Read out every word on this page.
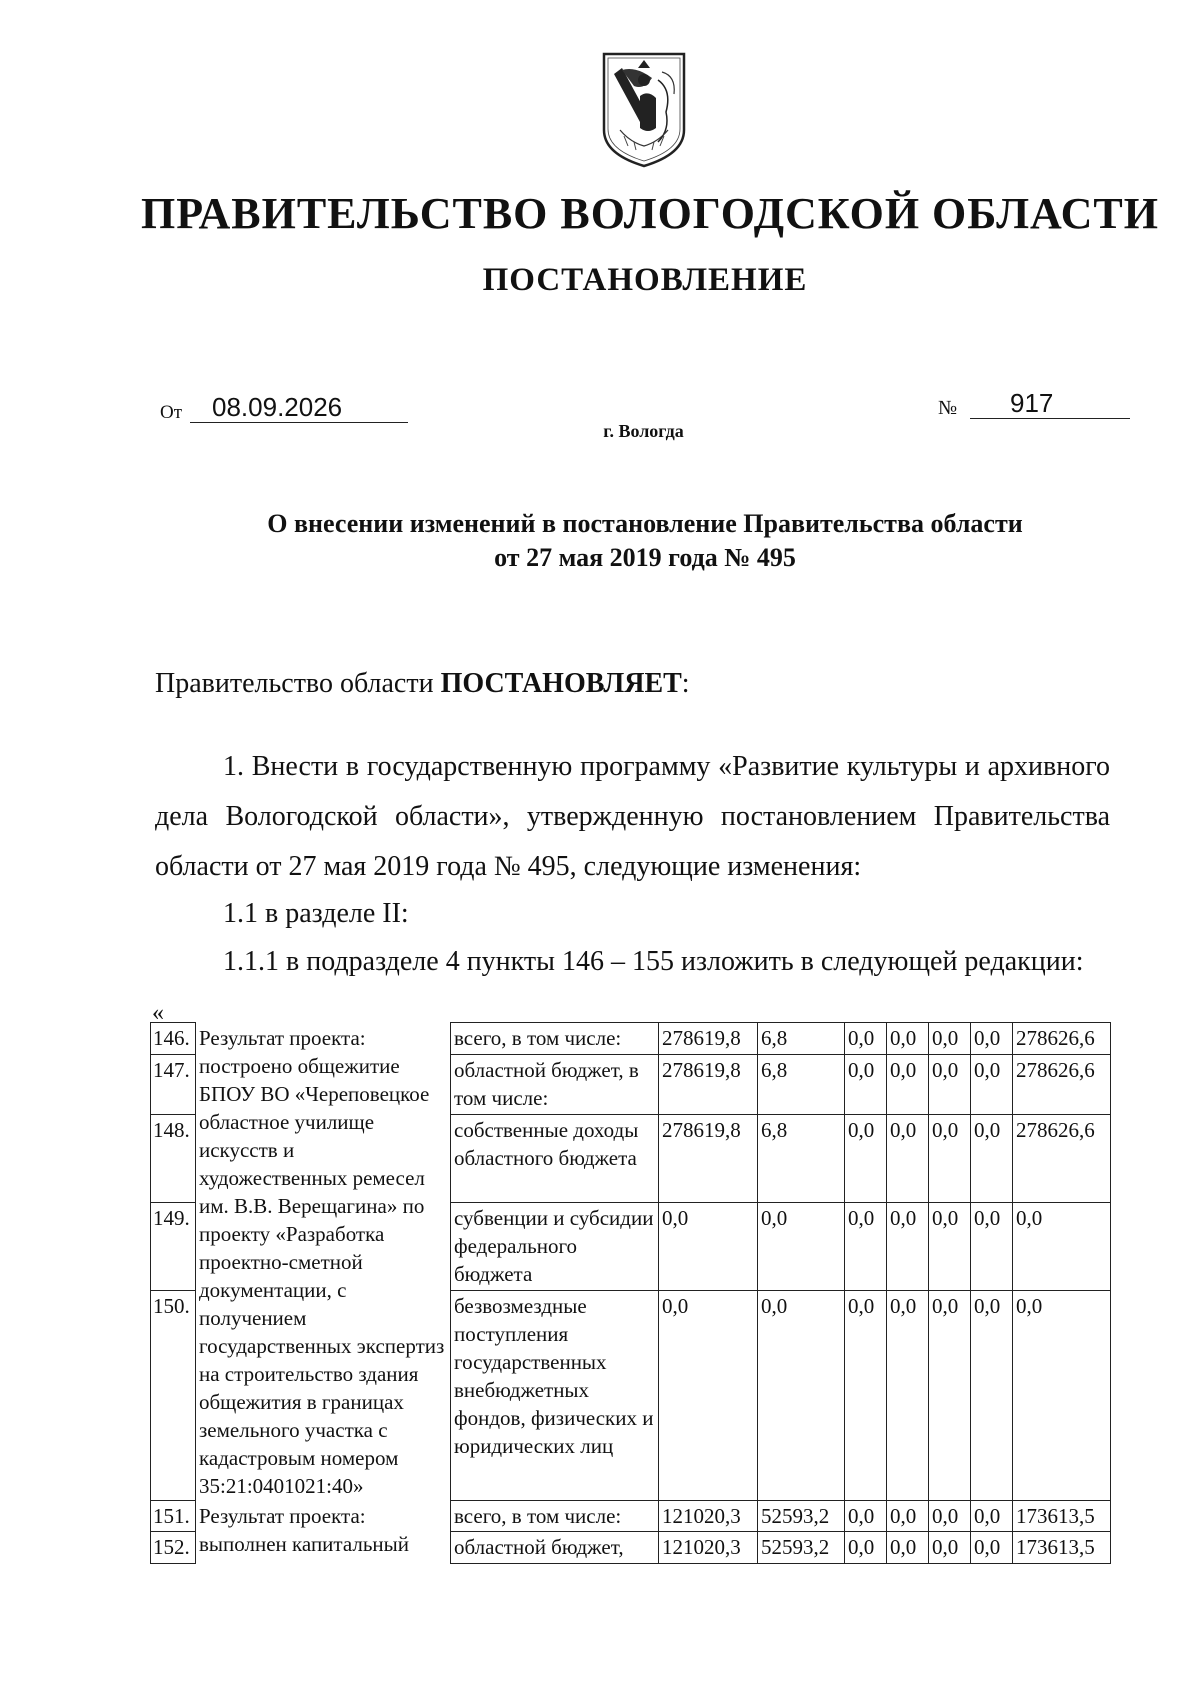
ПРАВИТЕЛЬСТВО ВОЛОГОДСКОЙ ОБЛАСТИ
ПОСТАНОВЛЕНИЕ
От	08.09.2026	№	917
г. Вологда
О внесении изменений в постановление Правительства области
от 27 мая 2019 года № 495
Правительство области ПОСТАНОВЛЯЕТ:
1. Внести в государственную программу «Развитие культуры и архивного дела Вологодской области», утвержденную постановлением Правительства области от 27 мая 2019 года № 495, следующие изменения:
1.1 в разделе II:
1.1.1 в подразделе 4 пункты 146 – 155 изложить в следующей редакции:
«
146.	Результат проекта: построено общежитие БПОУ ВО «Череповецкое областное училище искусств и художественных ремесел им. В.В. Верещагина» по проекту «Разработка проектно-сметной документации, с получением государственных экспертиз на строительство здания общежития в границах земельного участка с кадастровым номером 35:21:0401021:40»	всего, в том числе:	278619,8	6,8	0,0	0,0	0,0	0,0	278626,6
147.		областной бюджет, в том числе:	278619,8	6,8	0,0	0,0	0,0	0,0	278626,6
148.		собственные доходы областного бюджета	278619,8	6,8	0,0	0,0	0,0	0,0	278626,6
149.		субвенции и субсидии федерального бюджета	0,0	0,0	0,0	0,0	0,0	0,0	0,0
150.		безвозмездные поступления государственных внебюджетных фондов, физических и юридических лиц	0,0	0,0	0,0	0,0	0,0	0,0	0,0
151.	Результат проекта: выполнен капитальный	всего, в том числе:	121020,3	52593,2	0,0	0,0	0,0	0,0	173613,5
152.		областной бюджет,	121020,3	52593,2	0,0	0,0	0,0	0,0	173613,5
